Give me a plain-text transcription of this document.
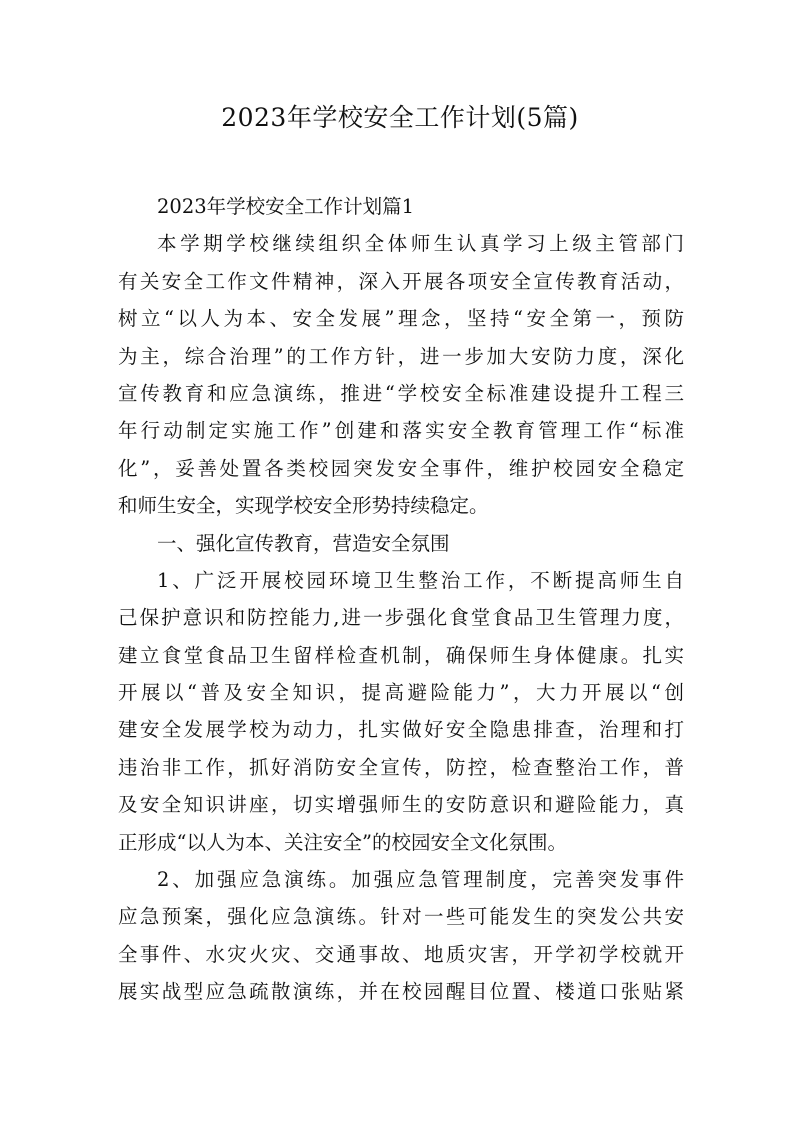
2023年学校安全工作计划(5篇)
2023年学校安全工作计划篇1
本学期学校继续组织全体师生认真学习上级主管部门
有关安全工作文件精神，深入开展各项安全宣传教育活动，
树立“以人为本、安全发展”理念，坚持“安全第一，预防
为主，综合治理”的工作方针，进一步加大安防力度，深化
宣传教育和应急演练，推进“学校安全标准建设提升工程三
年行动制定实施工作”创建和落实安全教育管理工作“标准
化”，妥善处置各类校园突发安全事件，维护校园安全稳定
和师生安全，实现学校安全形势持续稳定。
一、强化宣传教育，营造安全氛围
1、广泛开展校园环境卫生整治工作，不断提高师生自
己保护意识和防控能力,进一步强化食堂食品卫生管理力度，
建立食堂食品卫生留样检查机制，确保师生身体健康。扎实
开展以“普及安全知识，提高避险能力”，大力开展以“创
建安全发展学校为动力，扎实做好安全隐患排查，治理和打
违治非工作，抓好消防安全宣传，防控，检查整治工作，普
及安全知识讲座，切实增强师生的安防意识和避险能力，真
正形成“以人为本、关注安全”的校园安全文化氛围。
2、加强应急演练。加强应急管理制度，完善突发事件
应急预案，强化应急演练。针对一些可能发生的突发公共安
全事件、水灾火灾、交通事故、地质灾害，开学初学校就开
展实战型应急疏散演练，并在校园醒目位置、楼道口张贴紧
